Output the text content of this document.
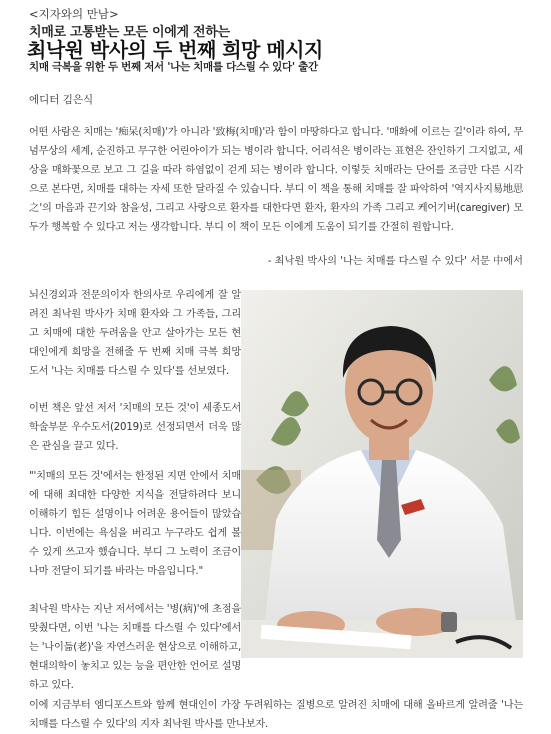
<지자와의 만남>
치매로 고통받는 모든 이에게 전하는
최낙원 박사의 두 번째 희망 메시지
치매 극복을 위한 두 번째 저서 '나는 치매를 다스릴 수 있다' 출간
에디터 김은식
어떤 사람은 치매는 '痴呆(치매)'가 아니라 '致梅(치매)'라 함이 마땅하다고 합니다. '매화에 이르는 길'이라 하여, 무념무상의 세계, 순진하고 무구한 어린아이가 되는 병이라 합니다. 어리석은 병이라는 표현은 잔인하기 그지없고, 세상을 매화꽃으로 보고 그 길을 따라 하염없이 걷게 되는 병이라 합니다. 이렇듯 치매라는 단어를 조금만 다른 시각으로 본다면, 치매를 대하는 자세 또한 달라질 수 있습니다. 부디 이 책을 통해 치매를 잘 파악하여 '역지사지易地思之'의 마음과 끈기와 참을성, 그리고 사랑으로 환자를 대한다면 환자, 환자의 가족 그리고 케어기버(caregiver) 모두가 행복할 수 있다고 저는 생각합니다. 부디 이 책이 모든 이에게 도움이 되기를 간절히 원합니다.
- 최낙원 박사의 '나는 치매를 다스릴 수 있다' 서문 中에서
뇌신경외과 전문의이자 한의사로 우리에게 잘 알려진 최낙원 박사가 치매 환자와 그 가족들, 그리고 치매에 대한 두려움을 안고 살아가는 모든 현대인에게 희망을 전해줄 두 번째 치매 극복 희망도서 '나는 치매를 다스릴 수 있다'를 선보였다.
이번 책은 앞선 저서 '치매의 모든 것'이 세종도서 학술부문 우수도서(2019)로 선정되면서 더욱 많은 관심을 끌고 있다.
"'치매의 모든 것'에서는 한정된 지면 안에서 치매에 대해 최대한 다양한 지식을 전달하려다 보니 이해하기 힘든 설명이나 어려운 용어들이 많았습니다. 이번에는 욕심을 버리고 누구라도 쉽게 볼 수 있게 쓰고자 했습니다. 부디 그 노력이 조금이나마 전달이 되기를 바라는 마음입니다."
최낙원 박사는 지난 저서에서는 '병(病)'에 초점을 맞췄다면, 이번 '나는 치매를 다스릴 수 있다'에서는 '나이듦(老)'을 자연스러운 현상으로 이해하고, 현대의학이 놓치고 있는 능을 편안한 언어로 설명하고 있다.
이에 지금부터 엠디포스트와 함께 현대인이 가장 두려워하는 질병으로 알려진 치매에 대해 올바르게 알려줄 '나는 치매를 다스릴 수 있다'의 지자 최낙원 박사를 만나보자.
